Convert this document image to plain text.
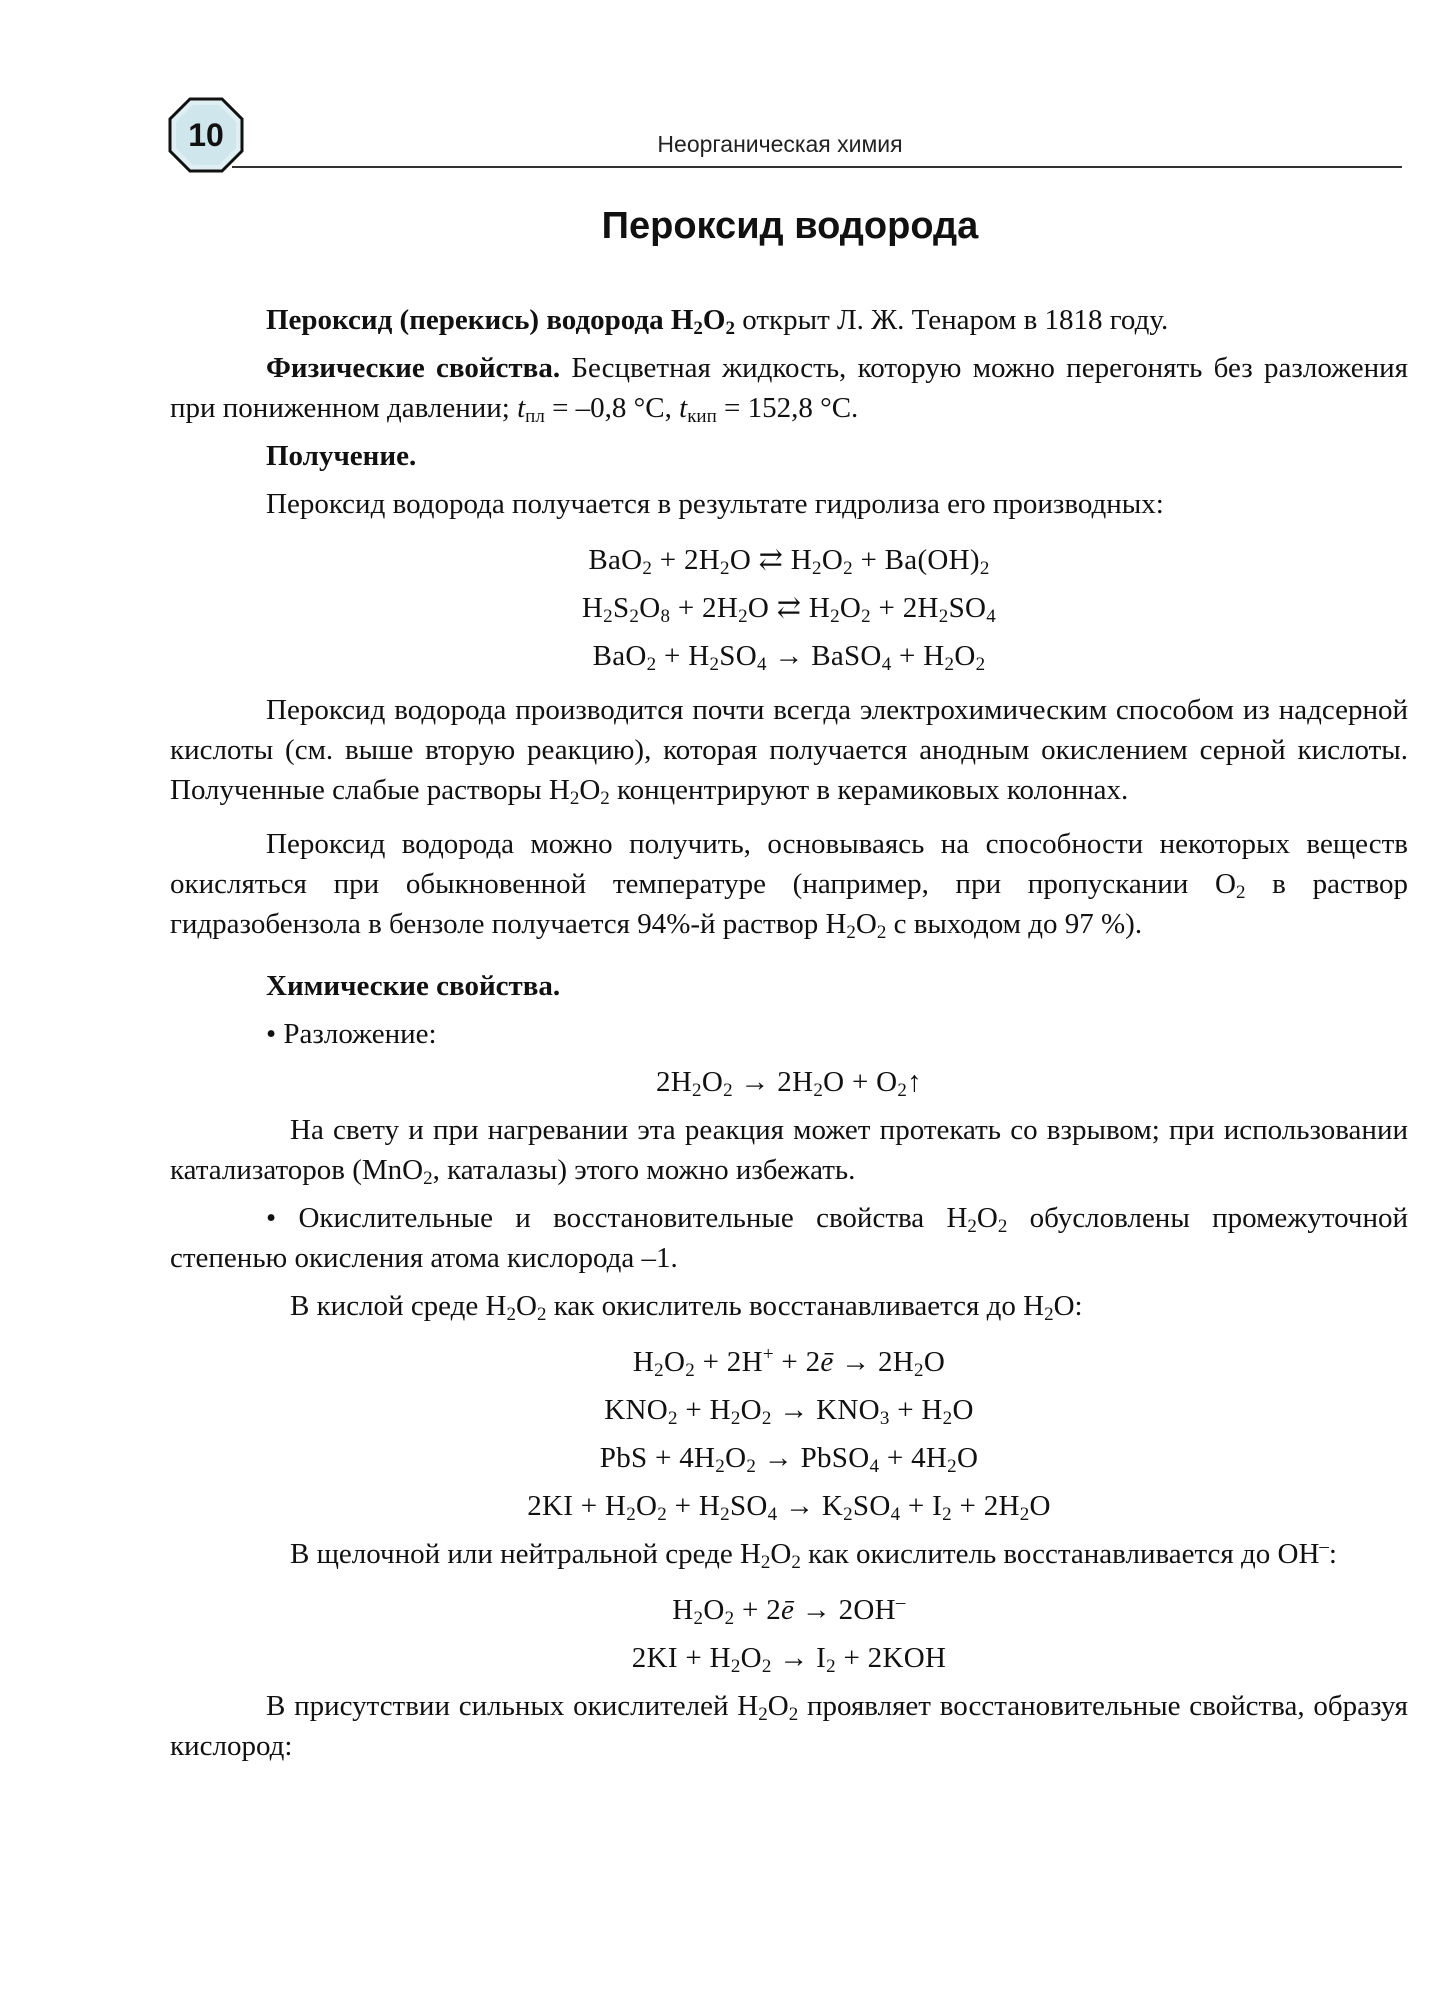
10	Неорганическая химия
Пероксид водорода

Пероксид (перекись) водорода $H_2O_2$ открыт Л. Ж. Тенаром в 1818 году.

Физические свойства. Бесцветная жидкость, которую можно перегонять без разложения при пониженном давлении; $t_{пл} = -0,8$ °С, $t_{кип} = 152,8$ °С.

Получение.

Пероксид водорода получается в результате гидролиза его производных:

$BaO_2 + 2H_2O$ ⇄ $H_2O_2 + Ba(OH)_2$

$H_2S_2O_8 + 2H_2O$ ⇄ $H_2O_2 + 2H_2SO_4$

$BaO_2 + H_2SO_4$ → BaSO$_4$ + $H_2O_2$

Пероксид водорода производится почти всегда электрохимическим способом из надсерной кислоты (см. выше вторую реакцию), которая получается анодным окислением серной кислоты. Полученные слабые растворы $H_2O_2$ концентрируют в керамиковых колоннах.

Пероксид водорода можно получить, основываясь на способности некоторых веществ окисляться при обыкновенной температуре (например, при пропускании $O_2$ в раствор гидразобензола в бензоле получается 94%-й раствор $H_2O_2$ с выходом до 97 %).

Химические свойства.

• Разложение:

$2H_2O_2 \to 2H_2O$ + $O_2↑$

На свету и при нагревании эта реакция может протекать со взрывом; при использовании катализаторов (MnO$_2$, каталазы) этого можно избежать.

• Окислительные и восстановительные свойства $H_2O_2$ обусловлены промежуточной степенью окисления атома кислорода –1.

В кислой среде $H_2O_2$ как окислитель восстанавливается до $H_2O$:

$H_2O_2 + 2H^+$ + 2ē → $2H_2O$

$KNO_2 + H_2O_2 \to KNO_3 + H_2O$

PbS + $4H_2O_2$ → PbSO$_4$ + $4H_2O$

$2KI + H_2O_2 + H_2SO_4 \to K_2SO_4 + I_2 + 2H_2O$

В щелочной или нейтральной среде $H_2O_2$ как окислитель восстанавливается до OH–:

$H_2O_2$ + 2ē → 2OH–

$2KI + H_2O_2 \to I_2 + 2KOH$

В присутствии сильных окислителей $H_2O_2$ проявляет восстановительные свойства, образуя кислород:
